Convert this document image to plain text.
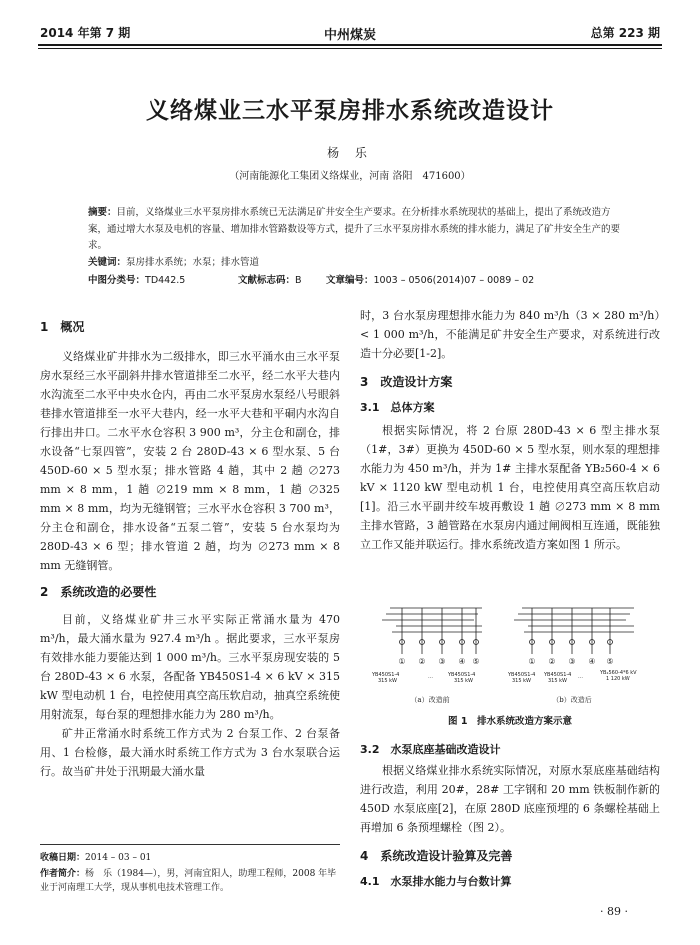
2014 年第 7 期	中州煤炭	总第 223 期
义络煤业三水平泵房排水系统改造设计
杨 乐
（河南能源化工集团义络煤业，河南 洛阳　471600）
摘要：目前，义络煤业三水平泵房排水系统已无法满足矿井安全生产要求。在分析排水系统现状的基础上，提出了系统改造方案，通过增大水泵及电机的容量、增加排水管路数设等方式，提升了三水平泵房排水系统的排水能力，满足了矿井安全生产的要求。
关键词：泵房排水系统；水泵；排水管道
中图分类号：TD442.5	文献标志码：B	文章编号：1003 – 0506(2014)07 – 0089 – 02
1　概况

义络煤业矿井排水为二级排水，即三水平涌水由三水平泵房水泵经三水平副斜井排水管道排至二水平，经二水平大巷内水沟流至二水平中央水仓内，再由二水平泵房水泵经八号眼斜巷排水管道排至一水平大巷内，经一水平大巷和平硐内水沟自行排出井口。二水平水仓容积 3 900 m³，分主仓和副仓，排水设备“七泵四管”，安装 2 台 280D-43 × 6 型水泵、5 台 450D-60 × 5 型水泵；排水管路 4 趟，其中 2 趟 ∅273 mm × 8 mm，1 趟 ∅219 mm × 8 mm，1 趟 ∅325 mm × 8 mm，均为无缝钢管；三水平水仓容积 3 700 m³，分主仓和副仓，排水设备“五泵二管”，安装 5 台水泵均为 280D-43 × 6 型；排水管道 2 趟，均为 ∅273 mm × 8 mm 无缝钢管。

2　系统改造的必要性

目前，义络煤业矿井三水平实际正常涌水量为 470 m³/h，最大涌水量为 927.4 m³/h 。据此要求，三水平泵房有效排水能力要能达到 1 000 m³/h。三水平泵房现安装的 5 台 280D-43 × 6 水泵，各配备 YB450S1-4 × 6 kV × 315 kW 型电动机 1 台，电控使用真空高压软启动，抽真空系统使用射流泵，每台泵的理想排水能力为 280 m³/h。

矿井正常涌水时系统工作方式为 2 台泵工作、2 台泵备用、1 台检修，最大涌水时系统工作方式为 3 台水泵联合运行。故当矿井处于汛期最大涌水量

时，3 台水泵房理想排水能力为 840 m³/h（3 × 280 m³/h）< 1 000 m³/h，不能满足矿井安全生产要求，对系统进行改造十分必要[1-2]。

3　改造设计方案
3.1　总体方案

根据实际情况，将 2 台原 280D-43 × 6 型主排水泵（1#，3#）更换为 450D-60 × 5 型水泵，则水泵的理想排水能力为 450 m³/h，并为 1# 主排水泵配备 YB₂560-4 × 6 kV × 1120 kW 型电动机 1 台，电控使用真空高压软启动[1]。沿三水平副井绞车坡再敷设 1 趟 ∅273 mm × 8 mm 主排水管路，3 趟管路在水泵房内通过闸阀相互连通，既能独立工作又能并联运行。排水系统改造方案如图 1 所示。

① ② ③ ④ ⑤	① ② ③ ④ ⑤
YB450S1-4
315 kW
…	YB450S1-4
315 kW
YB450S1-4
315 kW
YB450S1-4
315 kW
…
YB₂560-4*6 kV
1 120 kW
（a）改造前	（b）改造后
图 1　排水系统改造方案示意
3.2　水泵底座基础改造设计

根据义络煤业排水系统实际情况，对原水泵底座基础结构进行改造，利用 20#，28# 工字钢和 20 mm 铁板制作新的 450D 水泵底座[2]，在原 280D 底座预埋的 6 条螺栓基础上再增加 6 条预埋螺栓（图 2）。

4　系统改造设计验算及完善
4.1　水泵排水能力与台数计算
收稿日期：2014 – 03 – 01
作者简介：杨　乐（1984—），男，河南宜阳人，助理工程师，2008 年毕业于河南理工大学，现从事机电技术管理工作。
· 89 ·
